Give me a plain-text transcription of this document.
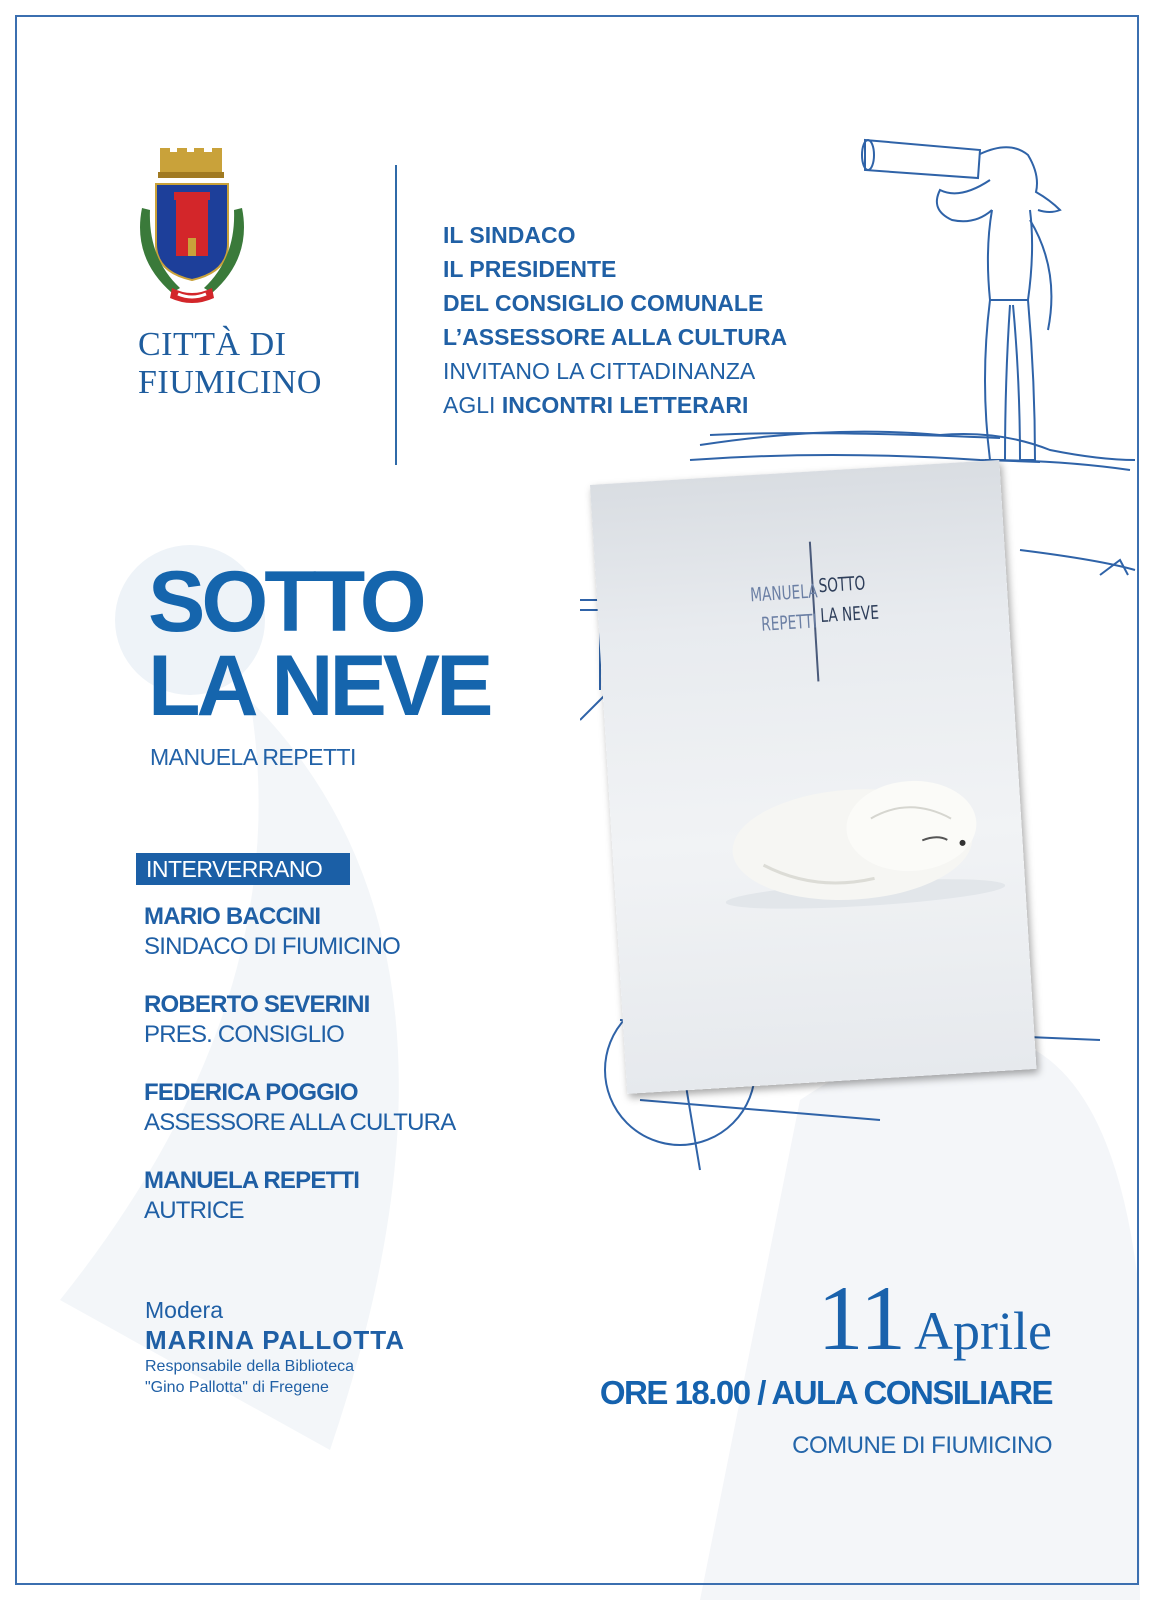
CITTÀ DI
FIUMICINO
IL SINDACO
IL PRESIDENTE
DEL CONSIGLIO COMUNALE
L’ASSESSORE ALLA CULTURA
INVITANO LA CITTADINANZA
AGLI INCONTRI LETTERARI
MANUELA
REPETTI
SOTTO
LA NEVE
SOTTO
LA NEVE
MANUELA REPETTI
INTERVERRANO
MARIO BACCINI
SINDACO DI FIUMICINO
ROBERTO SEVERINI
PRES. CONSIGLIO
FEDERICA POGGIO
ASSESSORE ALLA CULTURA
MANUELA REPETTI
AUTRICE
Modera
MARINA PALLOTTA
Responsabile della Biblioteca
"Gino Pallotta" di Fregene
11 Aprile
ORE 18.00 / AULA CONSILIARE
COMUNE DI FIUMICINO
